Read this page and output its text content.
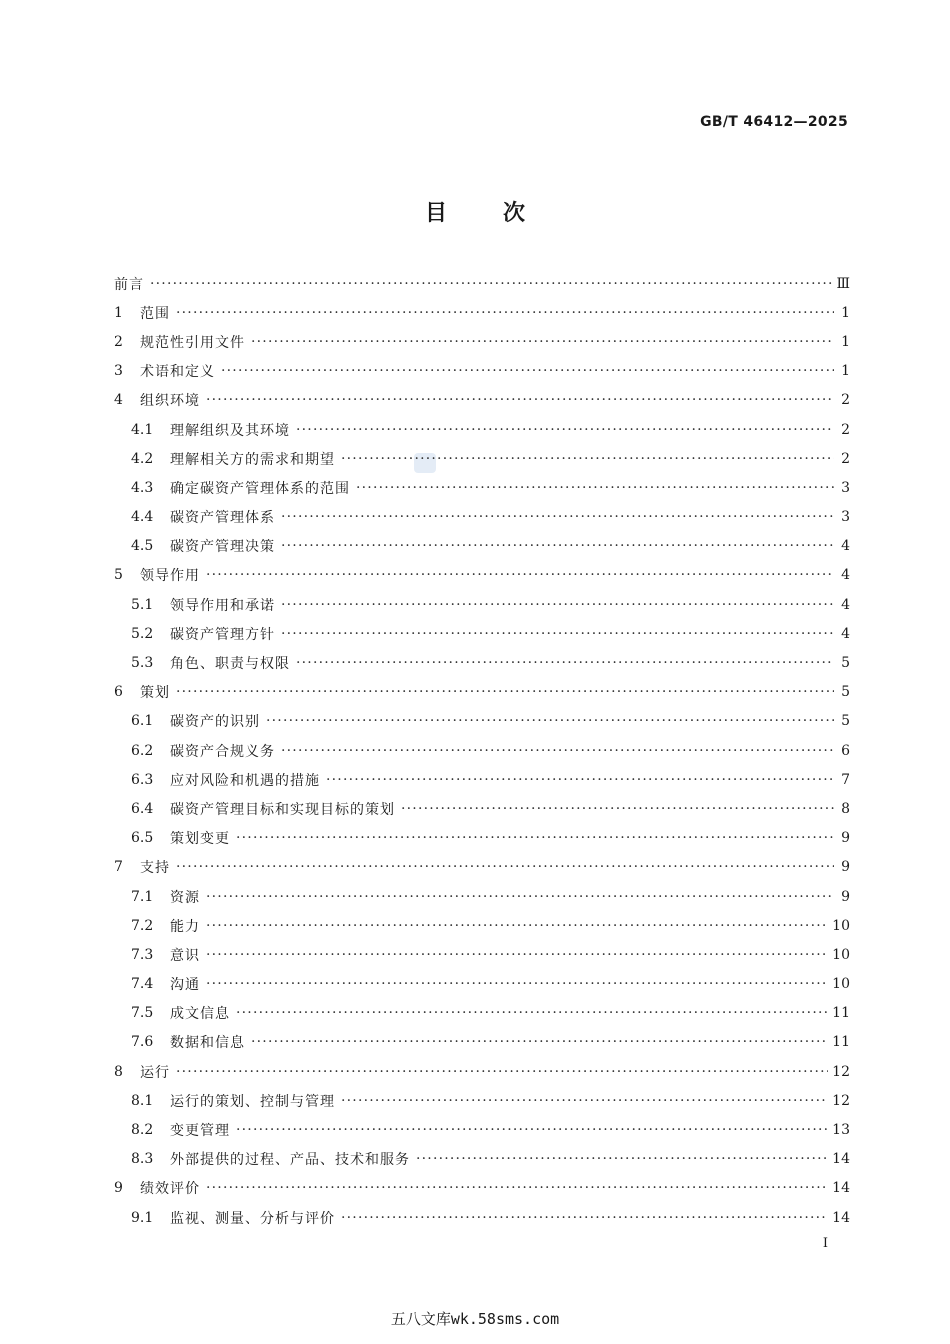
GB/T 46412—2025
目次
前言 ·····	Ⅲ
1	范围 ·····	1
2	规范性引用文件 ·····	1
3	术语和定义 ·····	1
4	组织环境 ·····	2
4.1	理解组织及其环境 ·····	2
4.2	理解相关方的需求和期望 ·····	2
4.3	确定碳资产管理体系的范围 ·····	3
4.4	碳资产管理体系 ·····	3
4.5	碳资产管理决策 ·····	4
5	领导作用 ·····	4
5.1	领导作用和承诺 ·····	4
5.2	碳资产管理方针 ·····	4
5.3	角色、职责与权限 ·····	5
6	策划 ·····	5
6.1	碳资产的识别 ·····	5
6.2	碳资产合规义务 ·····	6
6.3	应对风险和机遇的措施 ·····	7
6.4	碳资产管理目标和实现目标的策划 ·····	8
6.5	策划变更 ·····	9
7	支持 ·····	9
7.1	资源 ·····	9
7.2	能力 ·····	10
7.3	意识 ·····	10
7.4	沟通 ·····	10
7.5	成文信息 ·····	11
7.6	数据和信息 ·····	11
8	运行 ·····	12
8.1	运行的策划、控制与管理 ·····	12
8.2	变更管理 ·····	13
8.3	外部提供的过程、产品、技术和服务 ·····	14
9	绩效评价 ·····	14
9.1	监视、测量、分析与评价 ·····	14
I
五八文库wk.58sms.com
